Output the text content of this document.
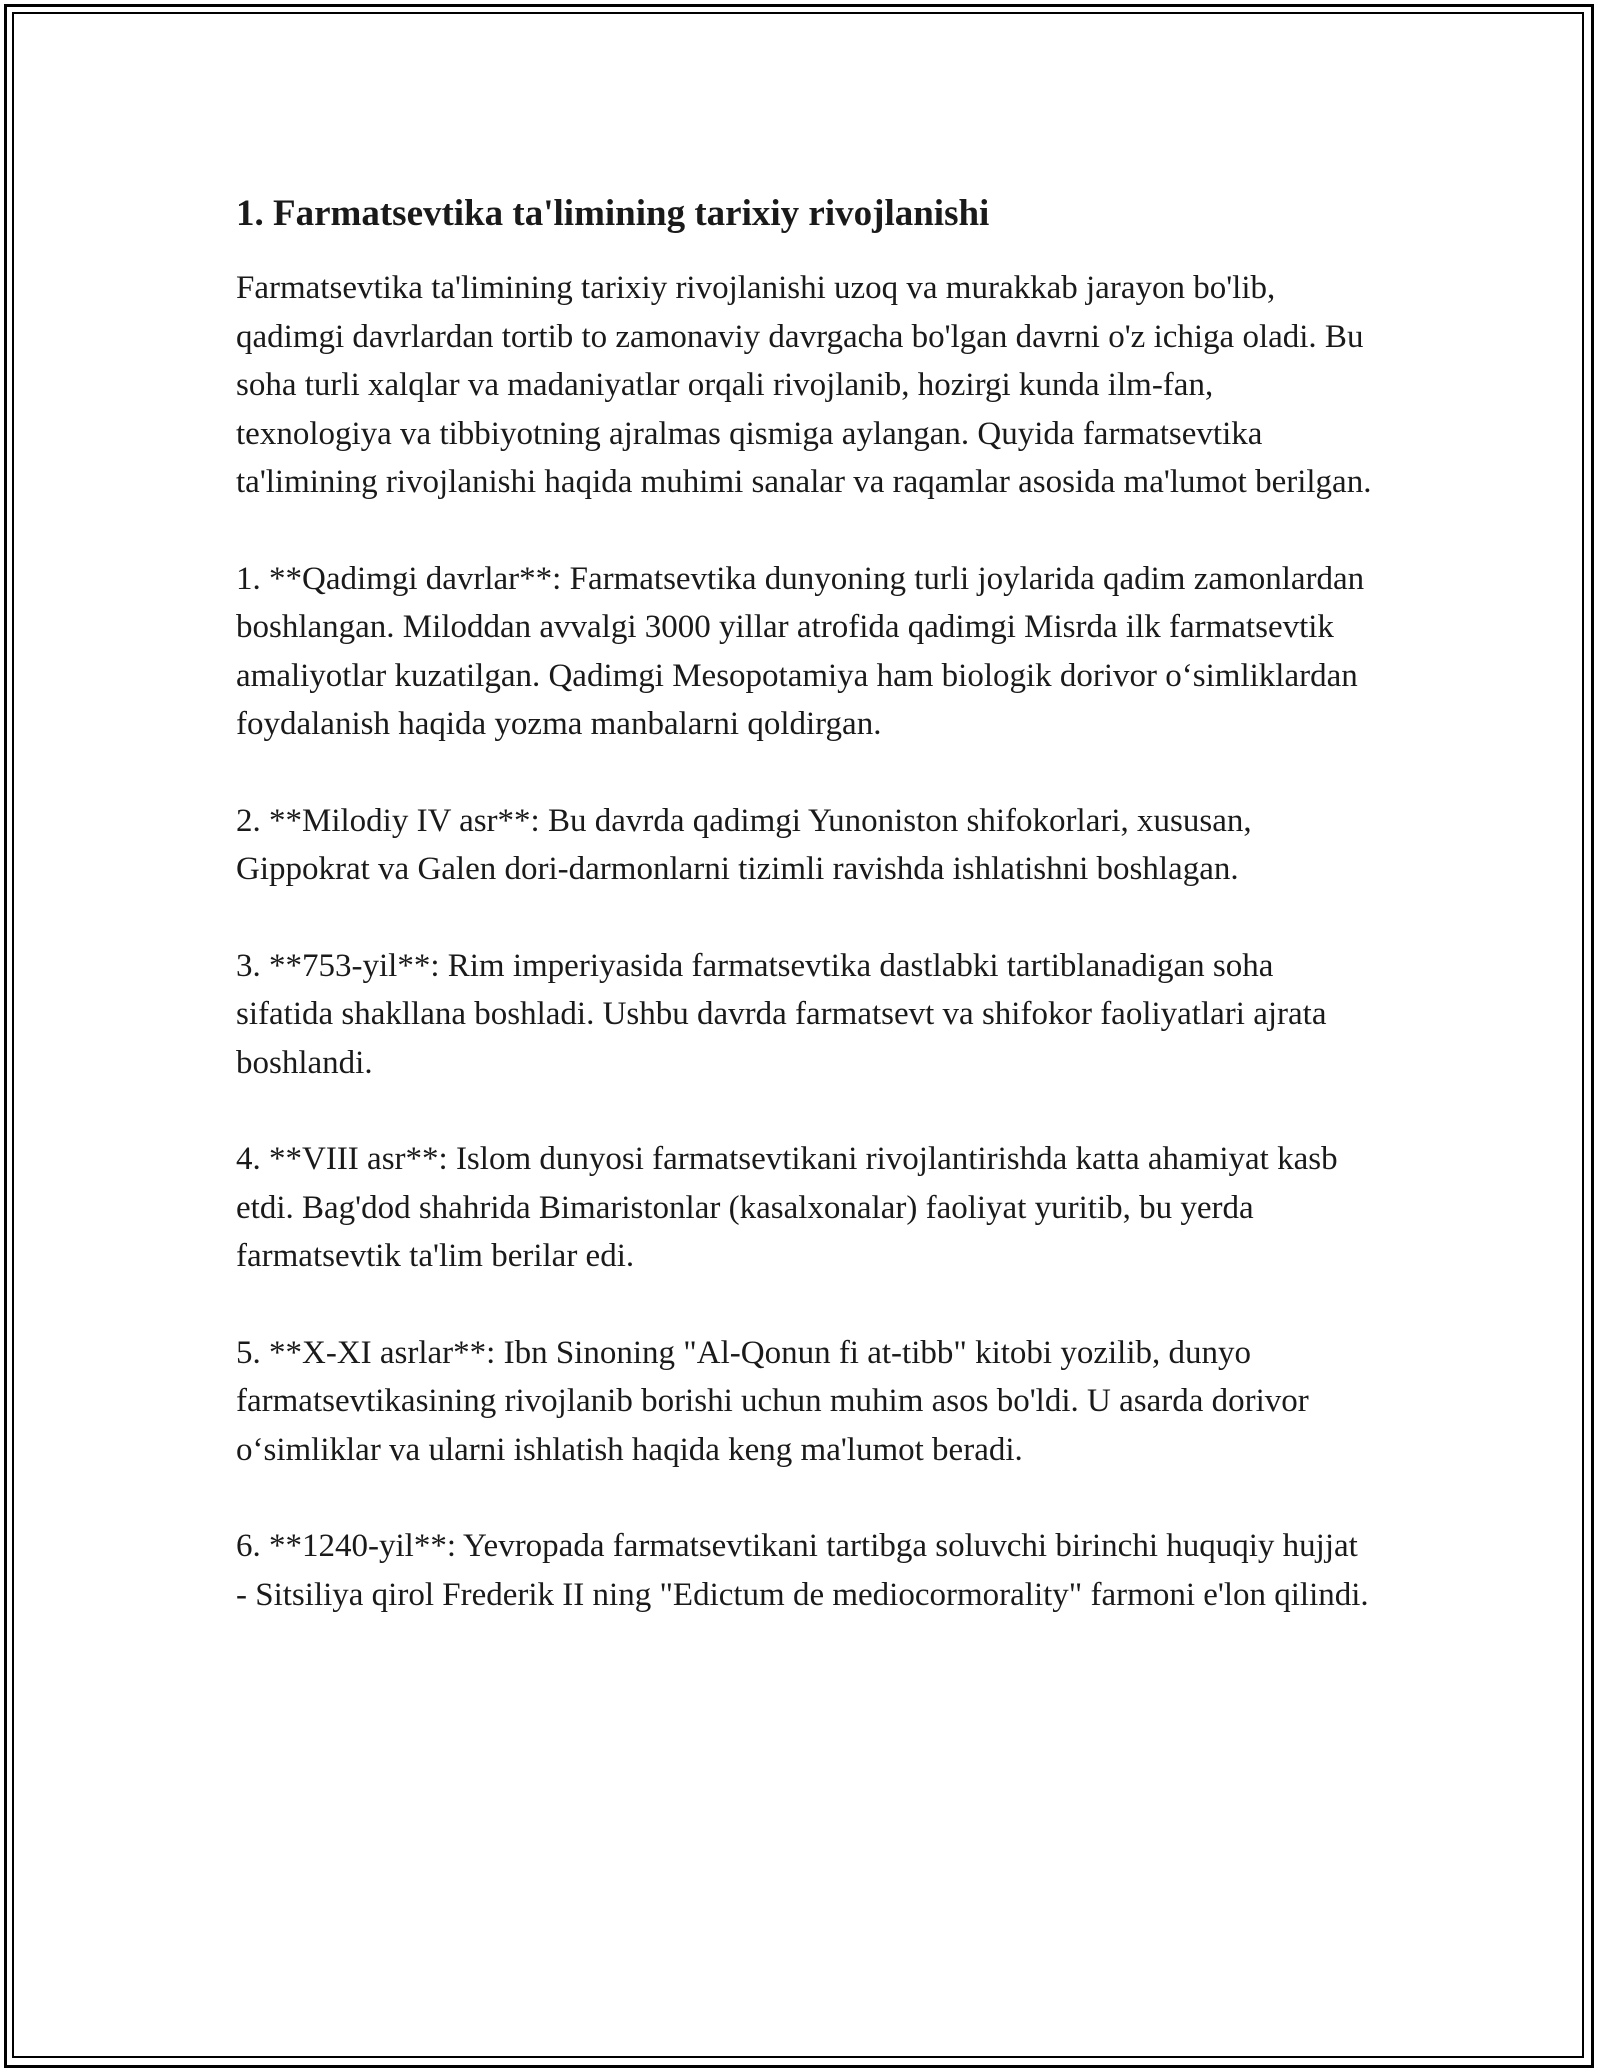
1. Farmatsevtika ta'limining tarixiy rivojlanishi

Farmatsevtika ta'limining tarixiy rivojlanishi uzoq va murakkab jarayon bo'lib, qadimgi davrlardan tortib to zamonaviy davrgacha bo'lgan davrni o'z ichiga oladi. Bu soha turli xalqlar va madaniyatlar orqali rivojlanib, hozirgi kunda ilm-fan, texnologiya va tibbiyotning ajralmas qismiga aylangan. Quyida farmatsevtika ta'limining rivojlanishi haqida muhimi sanalar va raqamlar asosida ma'lumot berilgan.

1. **Qadimgi davrlar**: Farmatsevtika dunyoning turli joylarida qadim zamonlardan boshlangan. Miloddan avvalgi 3000 yillar atrofida qadimgi Misrda ilk farmatsevtik amaliyotlar kuzatilgan. Qadimgi Mesopotamiya ham biologik dorivor o‘simliklardan foydalanish haqida yozma manbalarni qoldirgan.

2. **Milodiy IV asr**: Bu davrda qadimgi Yunoniston shifokorlari, xususan, Gippokrat va Galen dori-darmonlarni tizimli ravishda ishlatishni boshlagan.

3. **753-yil**: Rim imperiyasida farmatsevtika dastlabki tartiblanadigan soha sifatida shakllana boshladi. Ushbu davrda farmatsevt va shifokor faoliyatlari ajrata boshlandi.

4. **VIII asr**: Islom dunyosi farmatsevtikani rivojlantirishda katta ahamiyat kasb etdi. Bag'dod shahrida Bimaristonlar (kasalxonalar) faoliyat yuritib, bu yerda farmatsevtik ta'lim berilar edi.

5. **X-XI asrlar**: Ibn Sinoning "Al-Qonun fi at-tibb" kitobi yozilib, dunyo farmatsevtikasining rivojlanib borishi uchun muhim asos bo'ldi. U asarda dorivor o‘simliklar va ularni ishlatish haqida keng ma'lumot beradi.

6. **1240-yil**: Yevropada farmatsevtikani tartibga soluvchi birinchi huquqiy hujjat - Sitsiliya qirol Frederik II ning "Edictum de mediocormorality" farmoni e'lon qilindi.
